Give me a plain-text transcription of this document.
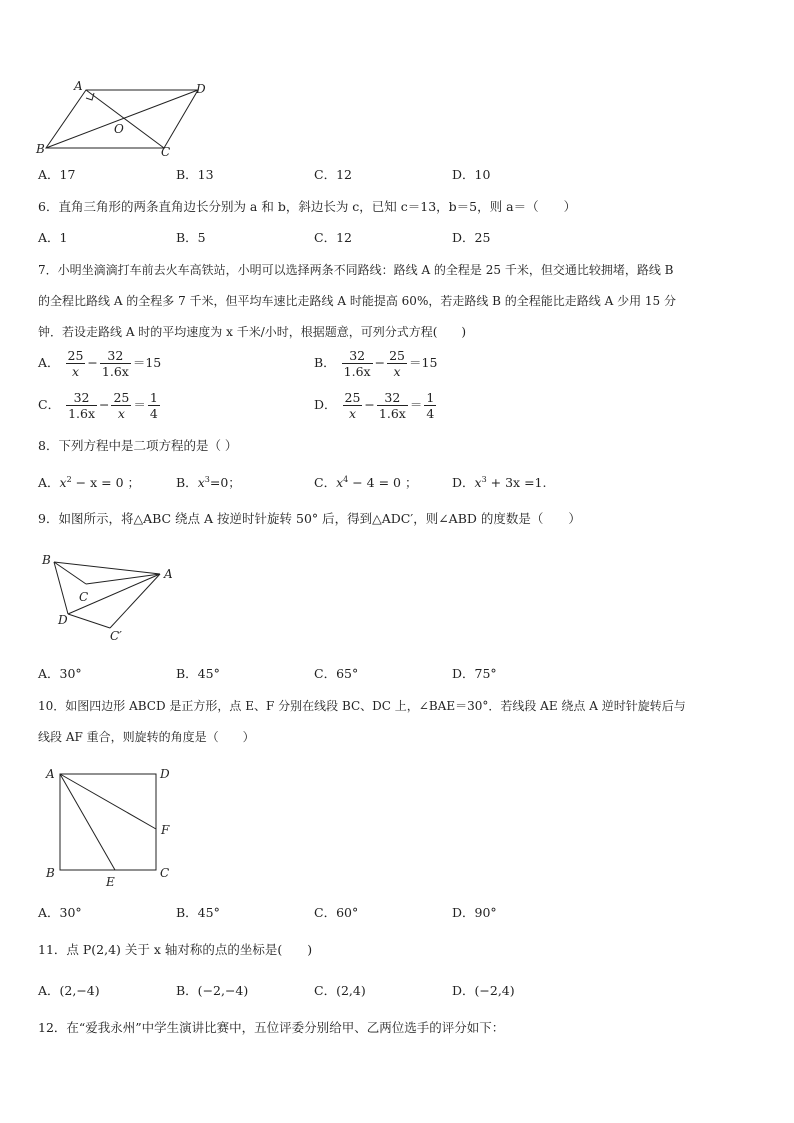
A	D
B	C
O
A．17	B．13	C．12	D．10
6．直角三角形的两条直角边长分别为 a 和 b，斜边长为 c，已知 c＝13，b＝5，则 a＝（　　）
A．1	B．5	C．12	D．25
7．小明坐滴滴打车前去火车高铁站，小明可以选择两条不同路线：路线 A 的全程是 25 千米，但交通比较拥堵，路线 B
的全程比路线 A 的全程多 7 千米，但平均车速比走路线 A 时能提高 60%，若走路线 B 的全程能比走路线 A 少用 15 分
钟．若设走路线 A 时的平均速度为 x 千米/小时，根据题意，可列分式方程(　　)
A． $\frac{25}{x} - \frac{32}{1.6x} =15$	B． $\frac{32}{1.6x} - \frac{25}{x} =15$
C． $\frac{32}{1.6x} - \frac{25}{x} = \frac{1}{4}$	D． $\frac{25}{x} - \frac{32}{1.6x} = \frac{1}{4}$
8．下列方程中是二项方程的是（ ）
A．$x^2 - x = 0$ ；	B．$x^3=0$；	C．$x^4 - 4 = 0$ ；	D．$x^3 + 3x =1$.
9．如图所示，将△ABC 绕点 A 按逆时针旋转 50° 后，得到△ADC′，则∠ABD 的度数是（　　）
B
A
C
D
C′
A．30°	B．45°	C．65°	D．75°
10．如图四边形 ABCD 是正方形，点 E、F 分别在线段 BC、DC 上，∠BAE＝30°．若线段 AE 绕点 A 逆时针旋转后与
线段 AF 重合，则旋转的角度是（　　）
A	D
B	C
E
F
A．30°	B．45°	C．60°	D．90°
11．点 P(2,4) 关于 x 轴对称的点的坐标是(　　)
A．(2,−4)	B．(−2,−4)	C．(2,4)	D．(−2,4)
12．在“爱我永州”中学生演讲比赛中，五位评委分别给甲、乙两位选手的评分如下：
